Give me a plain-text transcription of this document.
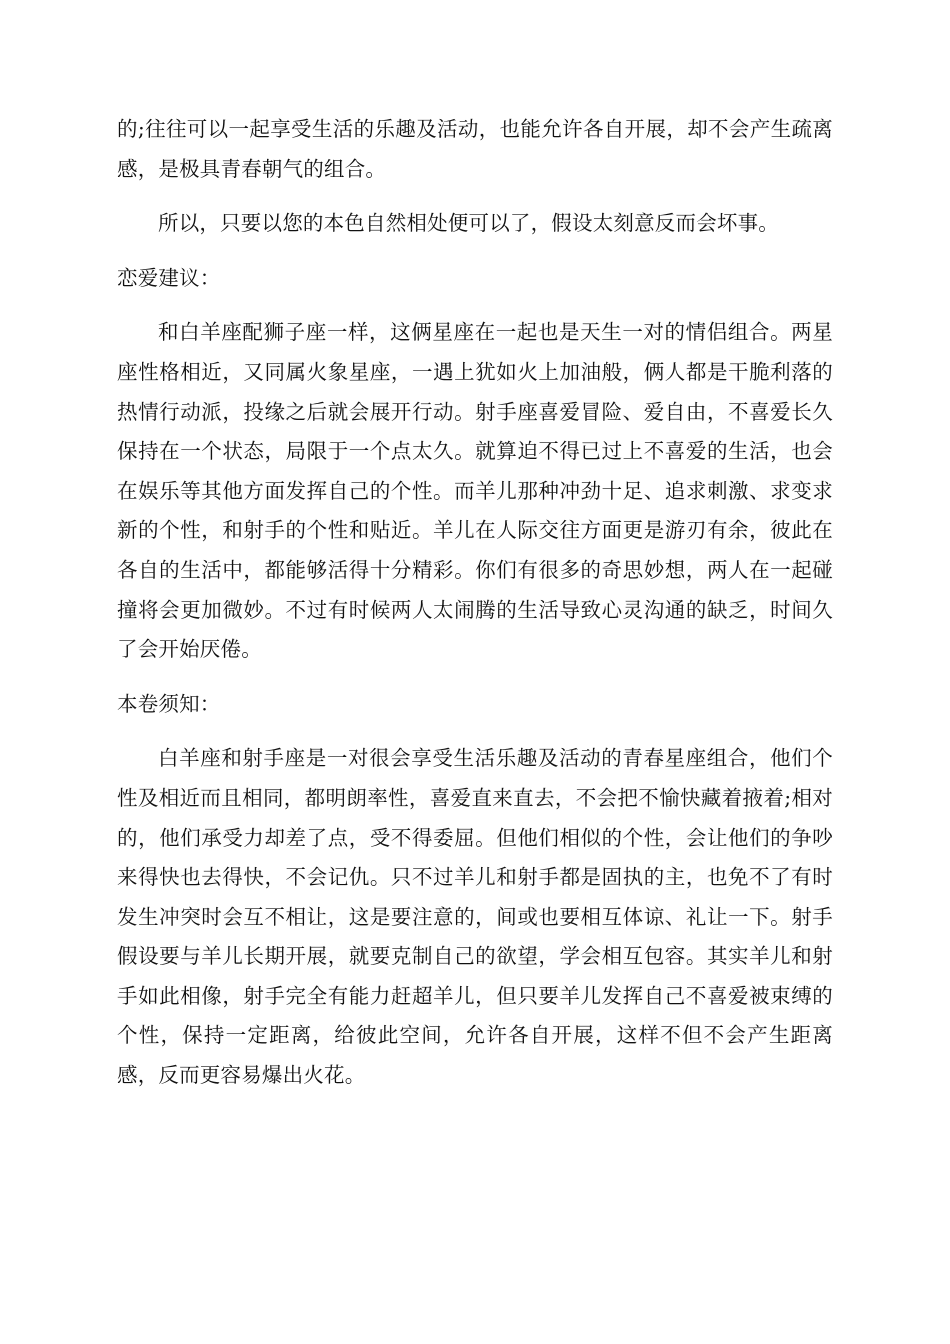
的;往往可以一起享受生活的乐趣及活动，也能允许各自开展，却不会产生疏离感，是极具青春朝气的组合。

所以，只要以您的本色自然相处便可以了，假设太刻意反而会坏事。

恋爱建议：

和白羊座配狮子座一样，这俩星座在一起也是天生一对的情侣组合。两星座性格相近，又同属火象星座，一遇上犹如火上加油般，俩人都是干脆利落的热情行动派，投缘之后就会展开行动。射手座喜爱冒险、爱自由，不喜爱长久保持在一个状态，局限于一个点太久。就算迫不得已过上不喜爱的生活，也会在娱乐等其他方面发挥自己的个性。而羊儿那种冲劲十足、追求刺激、求变求新的个性，和射手的个性和贴近。羊儿在人际交往方面更是游刃有余，彼此在各自的生活中，都能够活得十分精彩。你们有很多的奇思妙想，两人在一起碰撞将会更加微妙。不过有时候两人太闹腾的生活导致心灵沟通的缺乏，时间久了会开始厌倦。

本卷须知：

白羊座和射手座是一对很会享受生活乐趣及活动的青春星座组合，他们个性及相近而且相同，都明朗率性，喜爱直来直去，不会把不愉快藏着掖着;相对的，他们承受力却差了点，受不得委屈。但他们相似的个性，会让他们的争吵来得快也去得快，不会记仇。只不过羊儿和射手都是固执的主，也免不了有时发生冲突时会互不相让，这是要注意的，间或也要相互体谅、礼让一下。射手假设要与羊儿长期开展，就要克制自己的欲望，学会相互包容。其实羊儿和射手如此相像，射手完全有能力赶超羊儿，但只要羊儿发挥自己不喜爱被束缚的个性，保持一定距离，给彼此空间，允许各自开展，这样不但不会产生距离感，反而更容易爆出火花。
